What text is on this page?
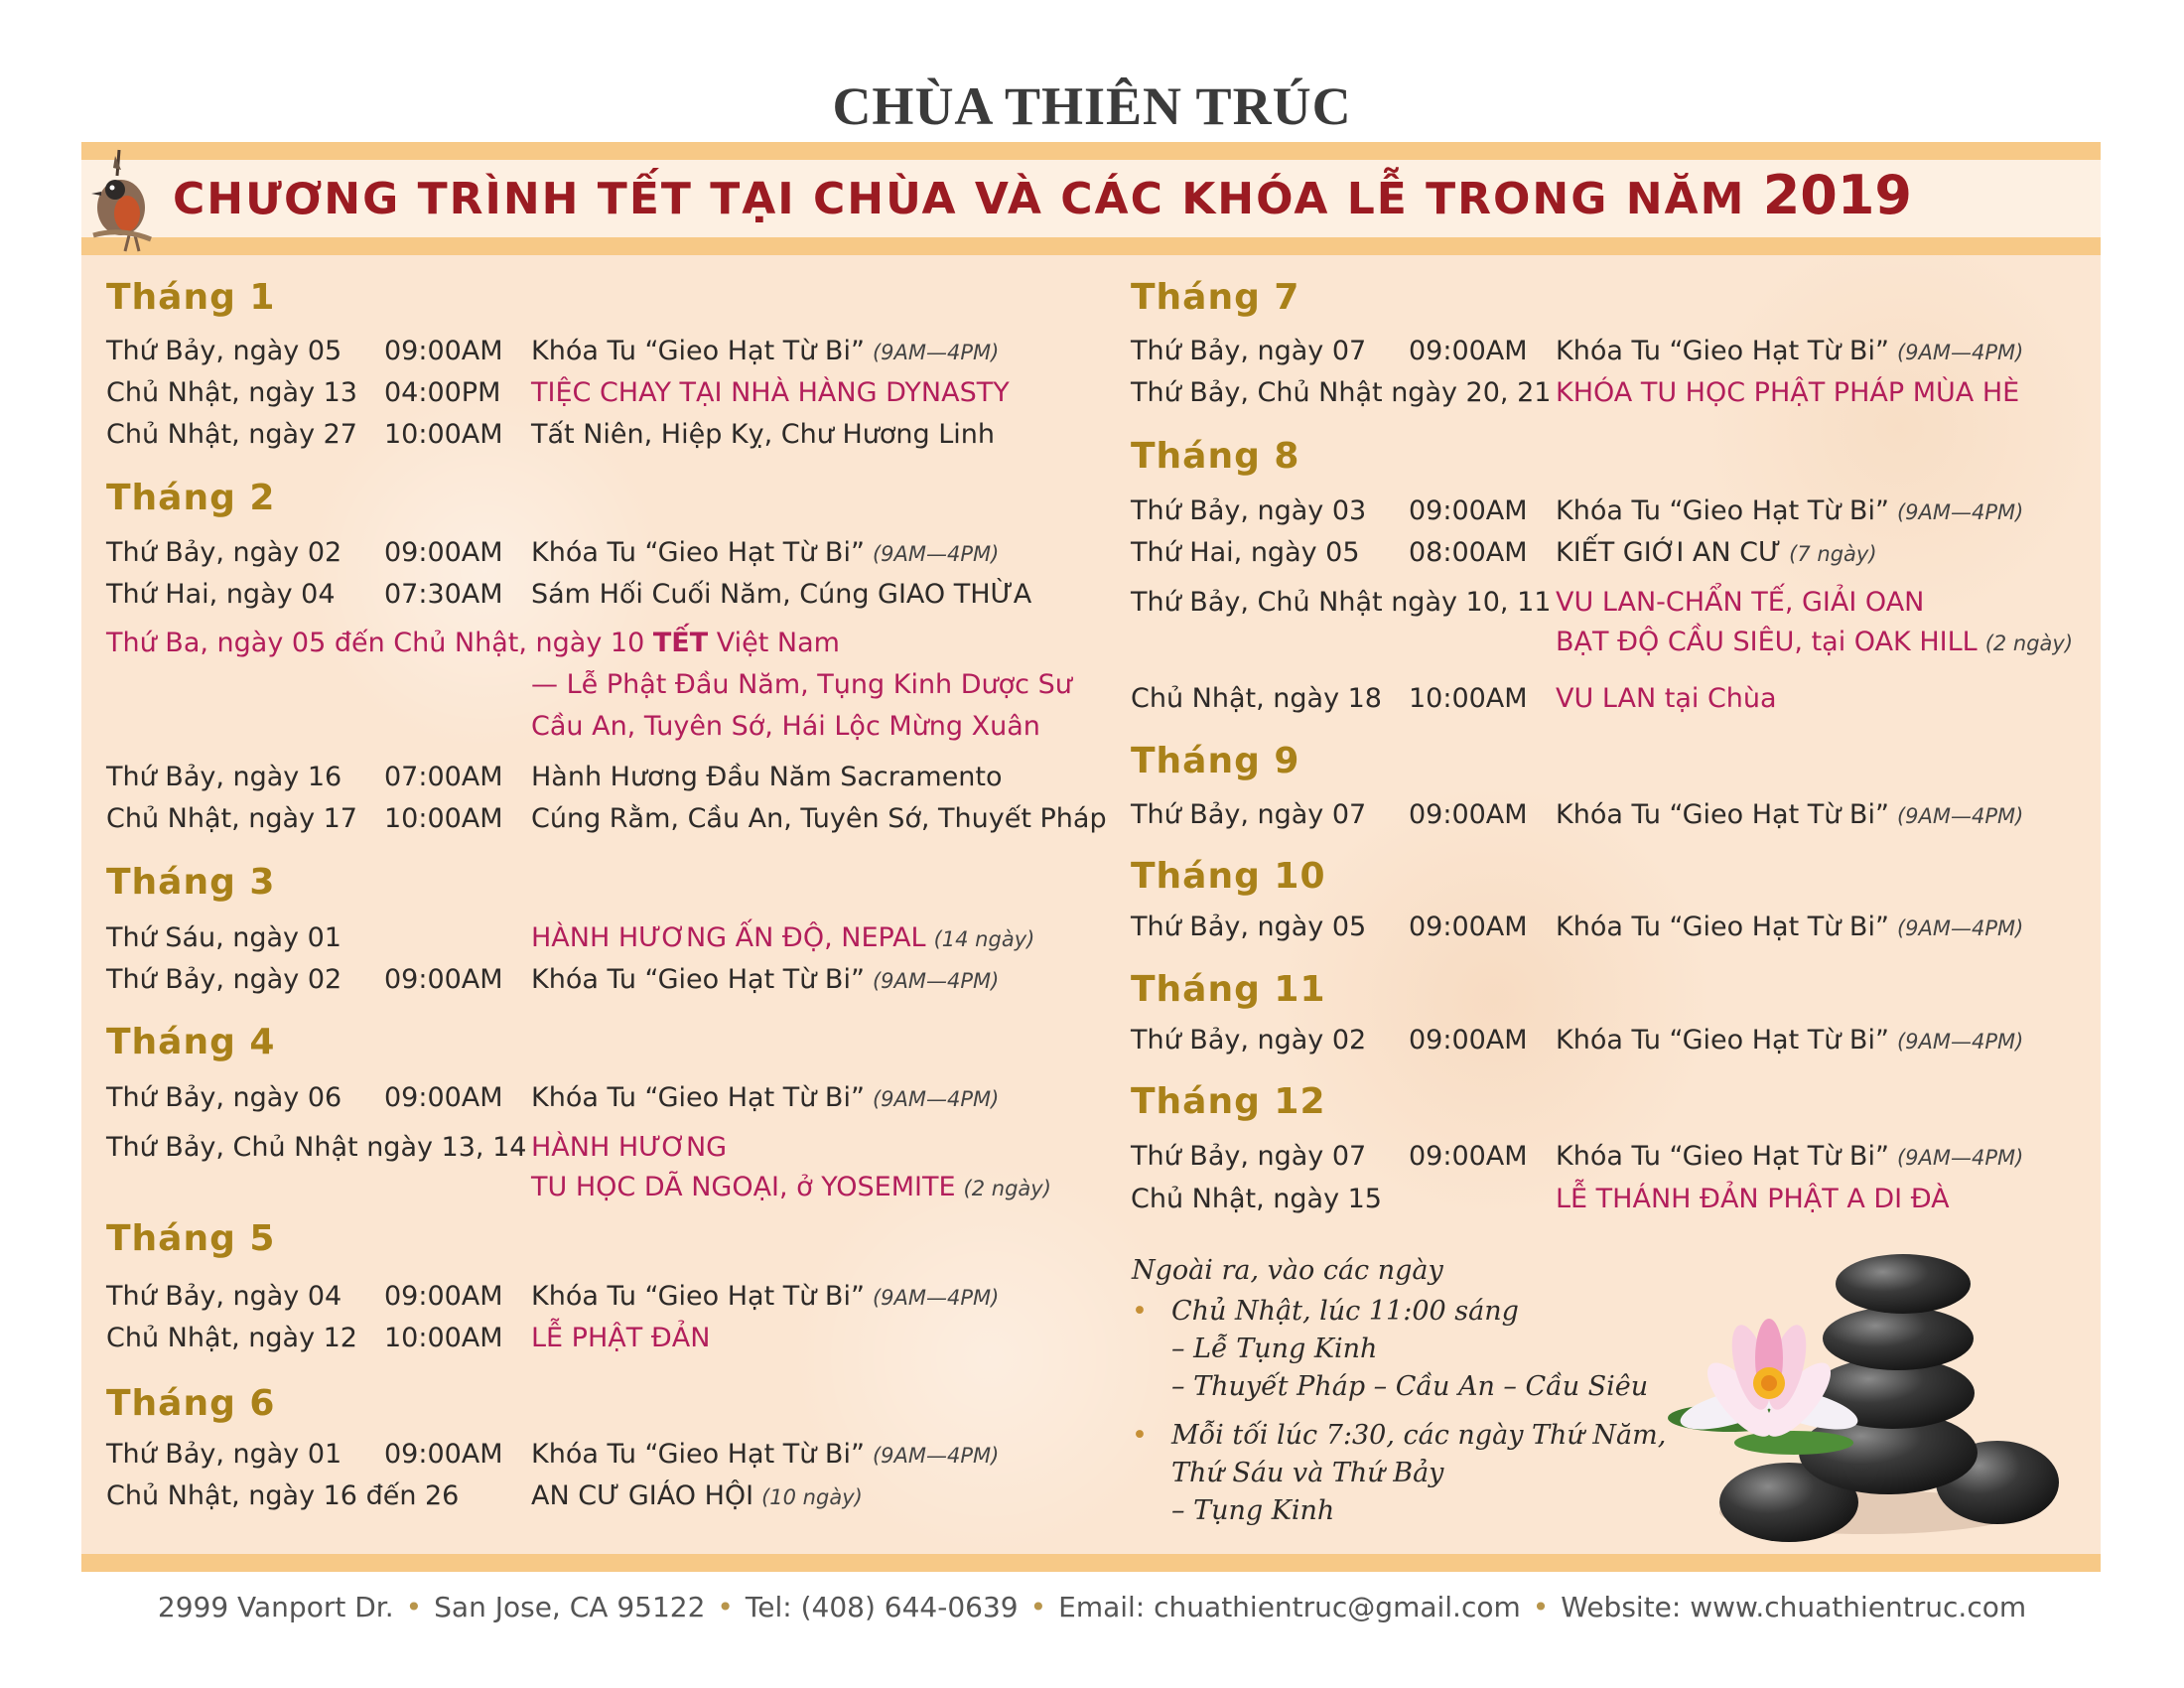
CHÙA THIÊN TRÚC
CHƯƠNG TRÌNH TẾT TẠI CHÙA VÀ CÁC KHÓA LỄ TRONG NĂM 2019
Tháng 1
Thứ Bảy, ngày 05 09:00AM Khóa Tu “Gieo Hạt Từ Bi” (9AM—4PM)
Chủ Nhật, ngày 13 04:00PM TIỆC CHAY TẠI NHÀ HÀNG DYNASTY
Chủ Nhật, ngày 27 10:00AM Tất Niên, Hiệp Kỵ, Chư Hương Linh
Tháng 2
Thứ Bảy, ngày 02 09:00AM Khóa Tu “Gieo Hạt Từ Bi” (9AM—4PM)
Thứ Hai, ngày 04 07:30AM Sám Hối Cuối Năm, Cúng GIAO THỪA
Thứ Ba, ngày 05 đến Chủ Nhật, ngày 10 TẾT Việt Nam
— Lễ Phật Đầu Năm, Tụng Kinh Dược Sư
Cầu An, Tuyên Sớ, Hái Lộc Mừng Xuân
Thứ Bảy, ngày 16 07:00AM Hành Hương Đầu Năm Sacramento
Chủ Nhật, ngày 17 10:00AM Cúng Rằm, Cầu An, Tuyên Sớ, Thuyết Pháp
Tháng 3
Thứ Sáu, ngày 01	HÀNH HƯƠNG ẤN ĐỘ, NEPAL (14 ngày)
Thứ Bảy, ngày 02 09:00AM Khóa Tu “Gieo Hạt Từ Bi” (9AM—4PM)
Tháng 4
Thứ Bảy, ngày 06 09:00AM Khóa Tu “Gieo Hạt Từ Bi” (9AM—4PM)
Thứ Bảy, Chủ Nhật ngày 13, 14 HÀNH HƯƠNG
TU HỌC DÃ NGOẠI, ở YOSEMITE (2 ngày)
Tháng 5
Thứ Bảy, ngày 04 09:00AM Khóa Tu “Gieo Hạt Từ Bi” (9AM—4PM)
Chủ Nhật, ngày 12 10:00AM LỄ PHẬT ĐẢN
Tháng 6
Thứ Bảy, ngày 01 09:00AM Khóa Tu “Gieo Hạt Từ Bi” (9AM—4PM)
Chủ Nhật, ngày 16 đến 26	AN CƯ GIÁO HỘI (10 ngày)
Tháng 7
Thứ Bảy, ngày 07 09:00AM Khóa Tu “Gieo Hạt Từ Bi” (9AM—4PM)
Thứ Bảy, Chủ Nhật ngày 20, 21 KHÓA TU HỌC PHẬT PHÁP MÙA HÈ
Tháng 8
Thứ Bảy, ngày 03 09:00AM Khóa Tu “Gieo Hạt Từ Bi” (9AM—4PM)
Thứ Hai, ngày 05 08:00AM KIẾT GIỚI AN CƯ (7 ngày)
Thứ Bảy, Chủ Nhật ngày 10, 11 VU LAN-CHẨN TẾ, GIẢI OAN
BẠT ĐỘ CẦU SIÊU, tại OAK HILL (2 ngày)
Chủ Nhật, ngày 18 10:00AM VU LAN tại Chùa
Tháng 9
Thứ Bảy, ngày 07 09:00AM Khóa Tu “Gieo Hạt Từ Bi” (9AM—4PM)
Tháng 10
Thứ Bảy, ngày 05 09:00AM Khóa Tu “Gieo Hạt Từ Bi” (9AM—4PM)
Tháng 11
Thứ Bảy, ngày 02 09:00AM Khóa Tu “Gieo Hạt Từ Bi” (9AM—4PM)
Tháng 12
Thứ Bảy, ngày 07 09:00AM Khóa Tu “Gieo Hạt Từ Bi” (9AM—4PM)
Chủ Nhật, ngày 15	LỄ THÁNH ĐẢN PHẬT A DI ĐÀ
Ngoài ra, vào các ngày
• Chủ Nhật, lúc 11:00 sáng
– Lễ Tụng Kinh
– Thuyết Pháp – Cầu An – Cầu Siêu
• Mỗi tối lúc 7:30, các ngày Thứ Năm,
Thứ Sáu và Thứ Bảy
– Tụng Kinh
2999 Vanport Dr. • San Jose, CA 95122 • Tel: (408) 644-0639 • Email: chuathientruc@gmail.com • Website: www.chuathientruc.com
